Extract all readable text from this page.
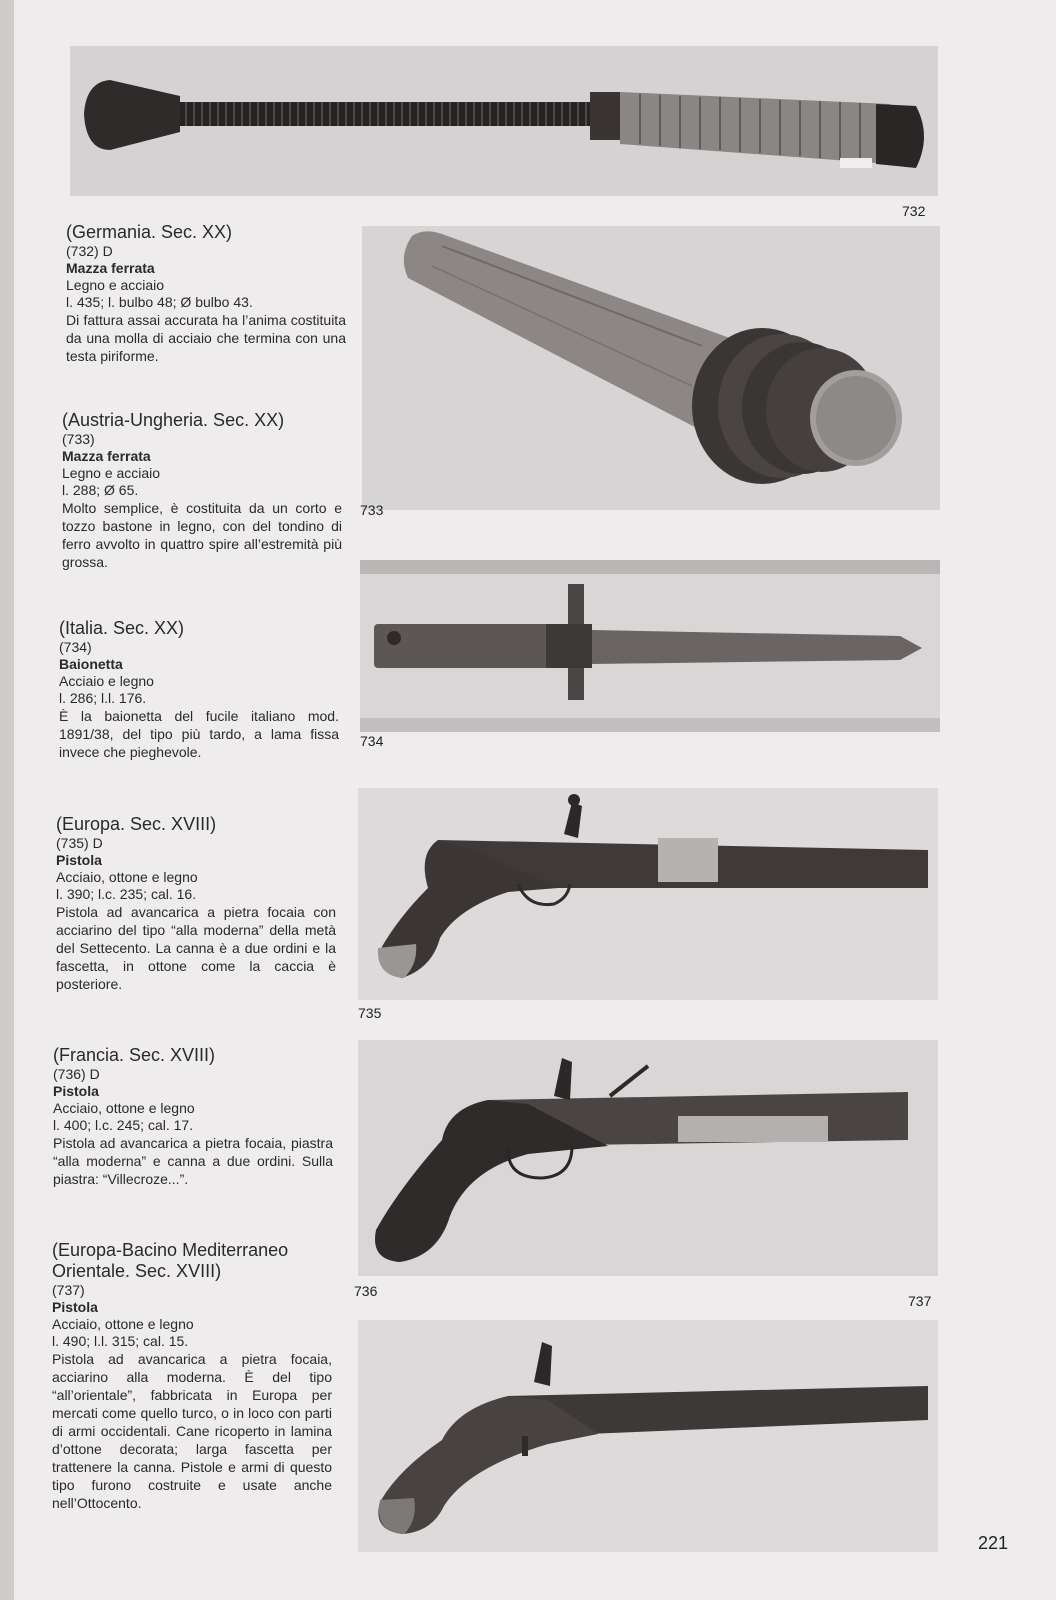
732
733
734
735
736
737
(Germania. Sec. XX)
(732) D
Mazza ferrata
Legno e acciaio
l. 435; l. bulbo 48; Ø bulbo 43.
Di fattura assai accurata ha l’anima costituita da una molla di acciaio che termina con una testa piriforme.
(Austria-Ungheria. Sec. XX)
(733)
Mazza ferrata
Legno e acciaio
l. 288; Ø 65.
Molto semplice, è costituita da un corto e tozzo bastone in legno, con del tondino di ferro avvolto in quattro spire all’estremità più grossa.
(Italia. Sec. XX)
(734)
Baionetta
Acciaio e legno
l. 286; l.l. 176.
È la baionetta del fucile italiano mod. 1891/38, del tipo più tardo, a lama fissa invece che pieghevole.
(Europa. Sec. XVIII)
(735) D
Pistola
Acciaio, ottone e legno
l. 390; l.c. 235; cal. 16.
Pistola ad avancarica a pietra focaia con acciarino del tipo “alla moderna” della metà del Settecento. La canna è a due ordini e la fascetta, in ottone come la caccia è posteriore.
(Francia. Sec. XVIII)
(736) D
Pistola
Acciaio, ottone e legno
l. 400; l.c. 245; cal. 17.
Pistola ad avancarica a pietra focaia, piastra “alla moderna” e canna a due ordini. Sulla piastra: “Villecroze...”.
(Europa-Bacino Mediterraneo Orientale. Sec. XVIII)
(737)
Pistola
Acciaio, ottone e legno
l. 490; l.l. 315; cal. 15.
Pistola ad avancarica a pietra focaia, acciarino alla moderna. È del tipo “all’orientale”, fabbricata in Europa per mercati come quello turco, o in loco con parti di armi occidentali. Cane ricoperto in lamina d’ottone decorata; larga fascetta per trattenere la canna. Pistole e armi di questo tipo furono costruite e usate anche nell’Ottocento.
221
